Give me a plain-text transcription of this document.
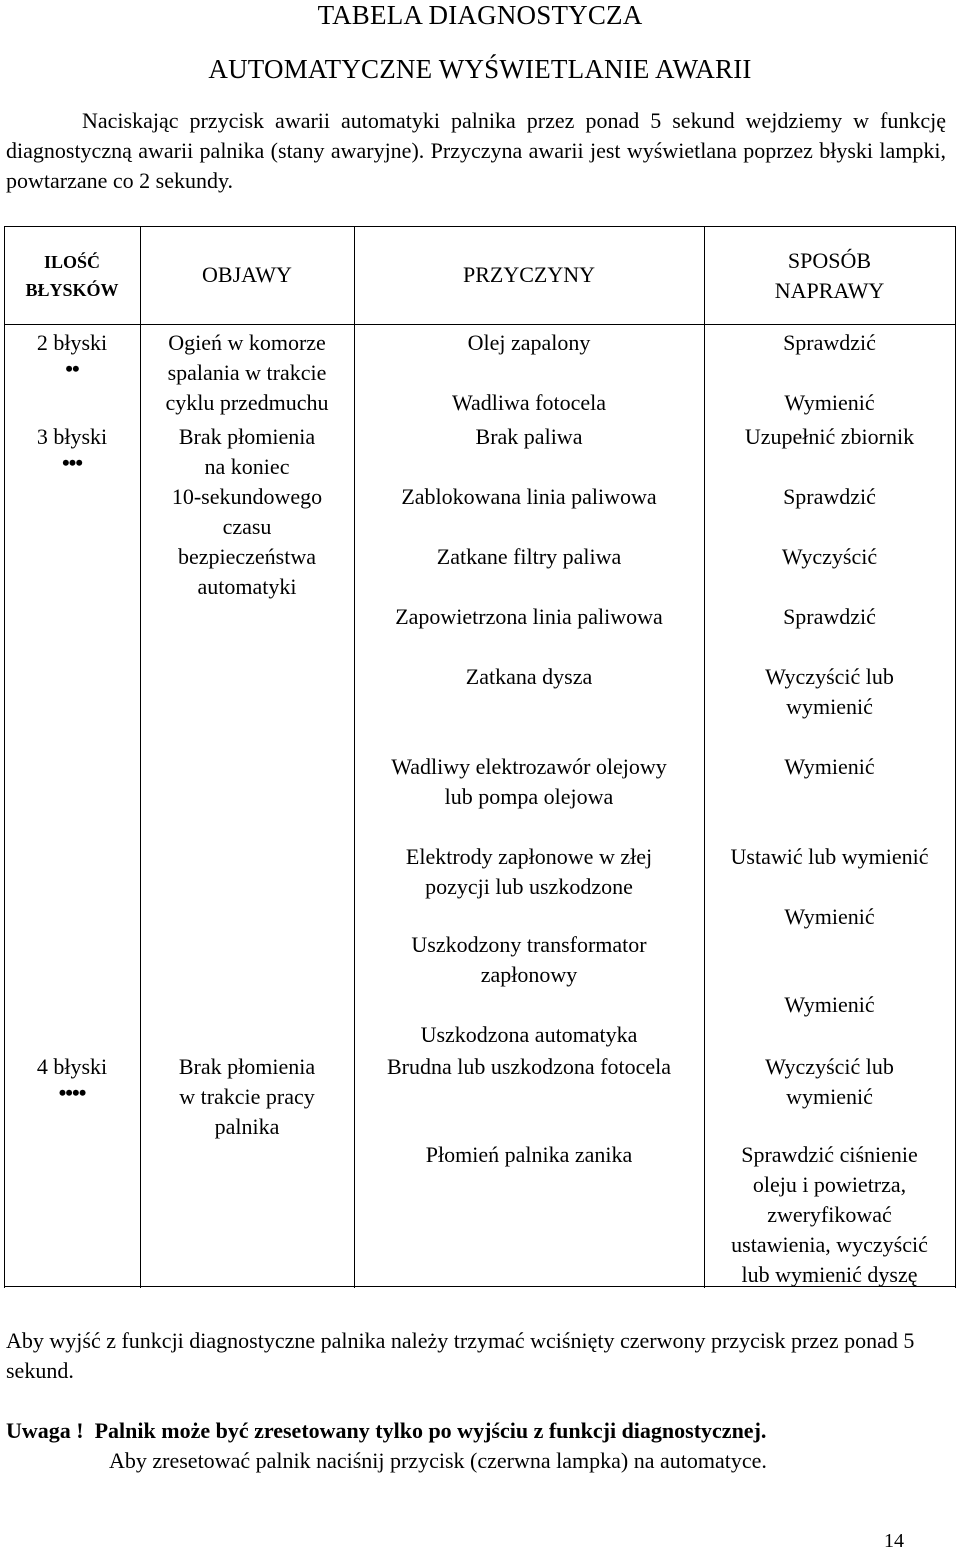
TABELA DIAGNOSTYCZA
AUTOMATYCZNE WYŚWIETLANIE AWARII
Naciskając przycisk awarii automatyki palnika przez ponad 5 sekund wejdziemy w funkcję diagnostyczną awarii palnika (stany awaryjne). Przyczyna awarii jest wyświetlana poprzez błyski lampki, powtarzane co 2 sekundy.
ILOŚĆ
BŁYSKÓW
OBJAWY	PRZYCZYNY
SPOSÓB
NAPRAWY
2 błyski
••
Ogień w komorze
spalania w trakcie
cyklu przedmuchu
Olej zapalony
Wadliwa fotocela
Sprawdzić
Wymienić
3 błyski
•••
Brak płomienia
na koniec
10-sekundowego
czasu
bezpieczeństwa
automatyki
Brak paliwa
Zablokowana linia paliwowa
Zatkane filtry paliwa
Zapowietrzona linia paliwowa
Zatkana dysza
Wadliwy elektrozawór olejowy
lub pompa olejowa
Elektrody zapłonowe w złej
pozycji lub uszkodzone
Uszkodzony transformator
zapłonowy
Uszkodzona automatyka
Uzupełnić zbiornik
Sprawdzić
Wyczyścić
Sprawdzić
Wyczyścić lub
wymienić
Wymienić
Ustawić lub wymienić
Wymienić
Wymienić
4 błyski
••••
Brak płomienia
w trakcie pracy
palnika
Brudna lub uszkodzona fotocela
Płomień palnika zanika
Wyczyścić lub
wymienić
Sprawdzić ciśnienie
oleju i powietrza,
zweryfikować
ustawienia, wyczyścić
lub wymienić dyszę
Aby wyjść z funkcji diagnostyczne palnika należy trzymać wciśnięty czerwony przycisk przez ponad 5 sekund.
Uwaga ! Palnik może być zresetowany tylko po wyjściu z funkcji diagnostycznej.
Aby zresetować palnik naciśnij przycisk (czerwna lampka) na automatyce.
14
